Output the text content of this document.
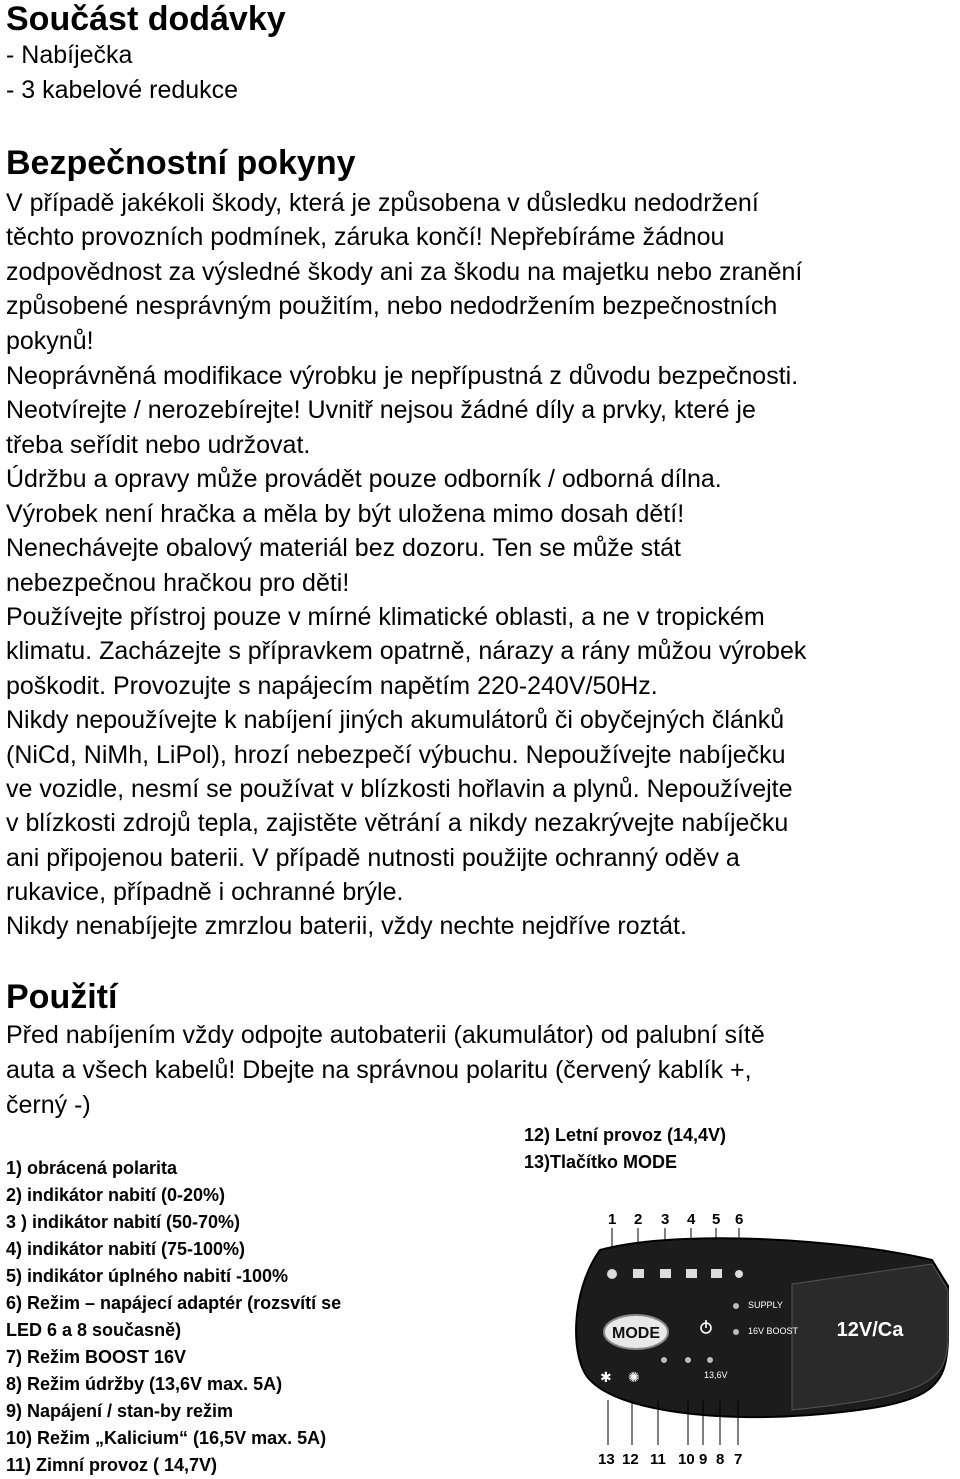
Součást dodávky
- Nabíječka
- 3 kabelové redukce
Bezpečnostní pokyny
V případě jakékoli škody, která je způsobena v důsledku nedodržení
těchto provozních podmínek, záruka končí! Nepřebíráme žádnou
zodpovědnost za výsledné škody ani za škodu na majetku nebo zranění
způsobené nesprávným použitím, nebo nedodržením bezpečnostních
pokynů!
Neoprávněná modifikace výrobku je nepřípustná z důvodu bezpečnosti.
Neotvírejte / nerozebírejte! Uvnitř nejsou žádné díly a prvky, které je
třeba seřídit nebo udržovat.
Údržbu a opravy může provádět pouze odborník / odborná dílna.
Výrobek není hračka a měla by být uložena mimo dosah dětí!
Nenechávejte obalový materiál bez dozoru. Ten se může stát
nebezpečnou hračkou pro děti!
Používejte přístroj pouze v mírné klimatické oblasti, a ne v tropickém
klimatu. Zacházejte s přípravkem opatrně, nárazy a rány můžou výrobek
poškodit. Provozujte s napájecím napětím 220-240V/50Hz.
Nikdy nepoužívejte k nabíjení jiných akumulátorů či obyčejných článků
(NiCd, NiMh, LiPol), hrozí nebezpečí výbuchu. Nepoužívejte nabíječku
ve vozidle, nesmí se používat v blízkosti hořlavin a plynů. Nepoužívejte
v blízkosti zdrojů tepla, zajistěte větrání a nikdy nezakrývejte nabíječku
ani připojenou baterii. V případě nutnosti použijte ochranný oděv a
rukavice, případně i ochranné brýle.
Nikdy nenabíjejte zmrzlou baterii, vždy nechte nejdříve roztát.
Použití
Před nabíjením vždy odpojte autobaterii (akumulátor) od palubní sítě
auta a všech kabelů! Dbejte na správnou polaritu (červený kablík +,
černý -)
12) Letní provoz (14,4V)
13)Tlačítko MODE
1) obrácená polarita
2) indikátor nabití (0-20%)
3 ) indikátor nabití (50-70%)
4) indikátor nabití (75-100%)
5) indikátor úplného nabití -100%
6) Režim – napájecí adaptér (rozsvítí se
LED 6 a 8 současně)
7) Režim BOOST 16V
8) Režim údržby (13,6V max. 5A)
9) Napájení / stan-by režim
10) Režim „Kalicium“ (16,5V max. 5A)
11) Zimní provoz ( 14,7V)
1 2 3 4 5 6
SUPPLY
16V BOOST
13,6V
MODE
✱ ✺
12V/Ca
13 12 11 10 9 8 7
